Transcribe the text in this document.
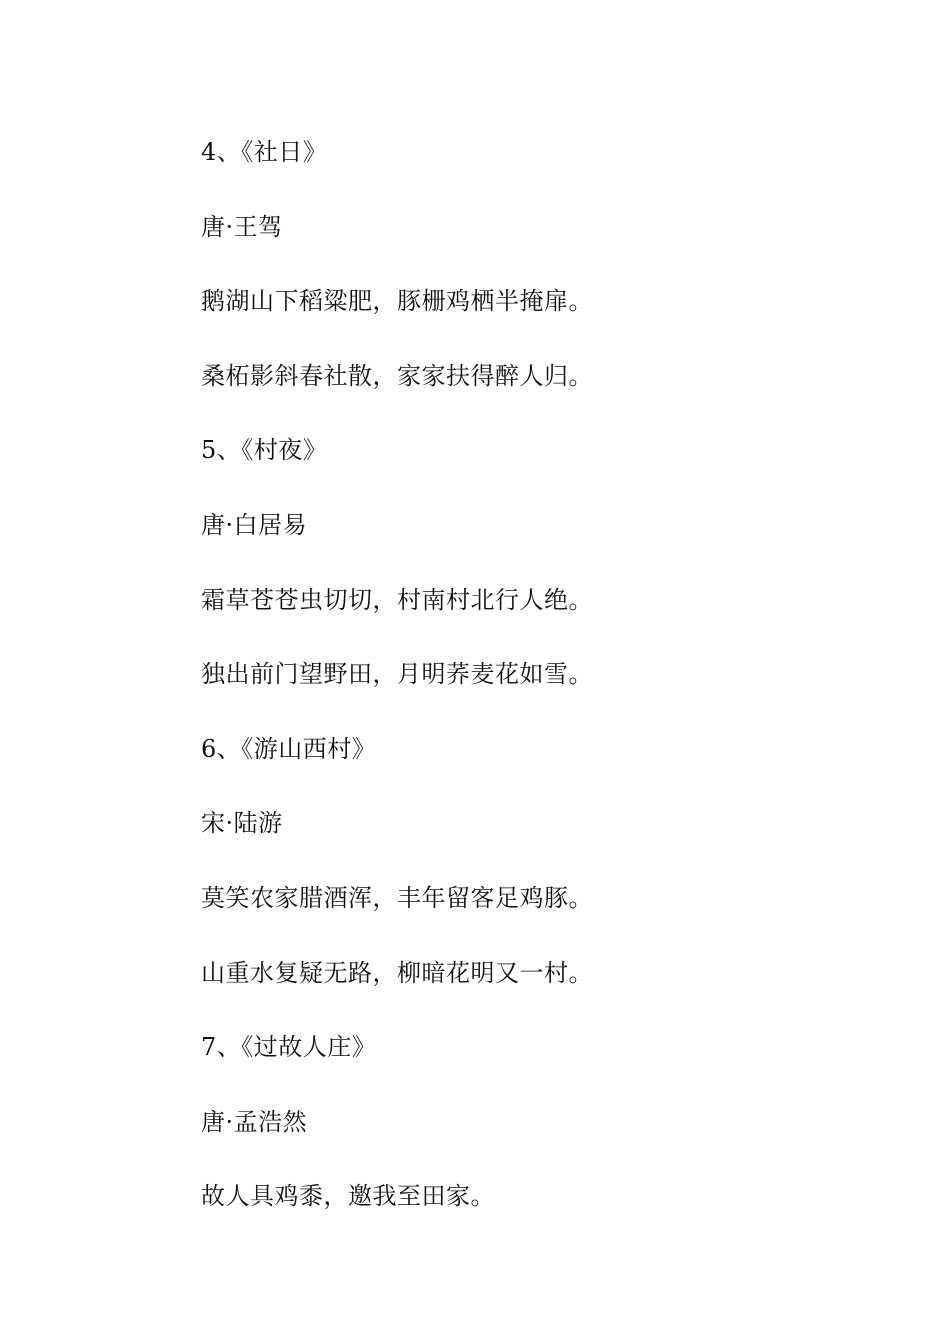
4、《社日》
唐·王驾
鹅湖山下稻粱肥，豚栅鸡栖半掩扉。
桑柘影斜春社散，家家扶得醉人归。
5、《村夜》
唐·白居易
霜草苍苍虫切切，村南村北行人绝。
独出前门望野田，月明荞麦花如雪。
6、《游山西村》
宋·陆游
莫笑农家腊酒浑，丰年留客足鸡豚。
山重水复疑无路，柳暗花明又一村。
7、《过故人庄》
唐·孟浩然
故人具鸡黍，邀我至田家。
